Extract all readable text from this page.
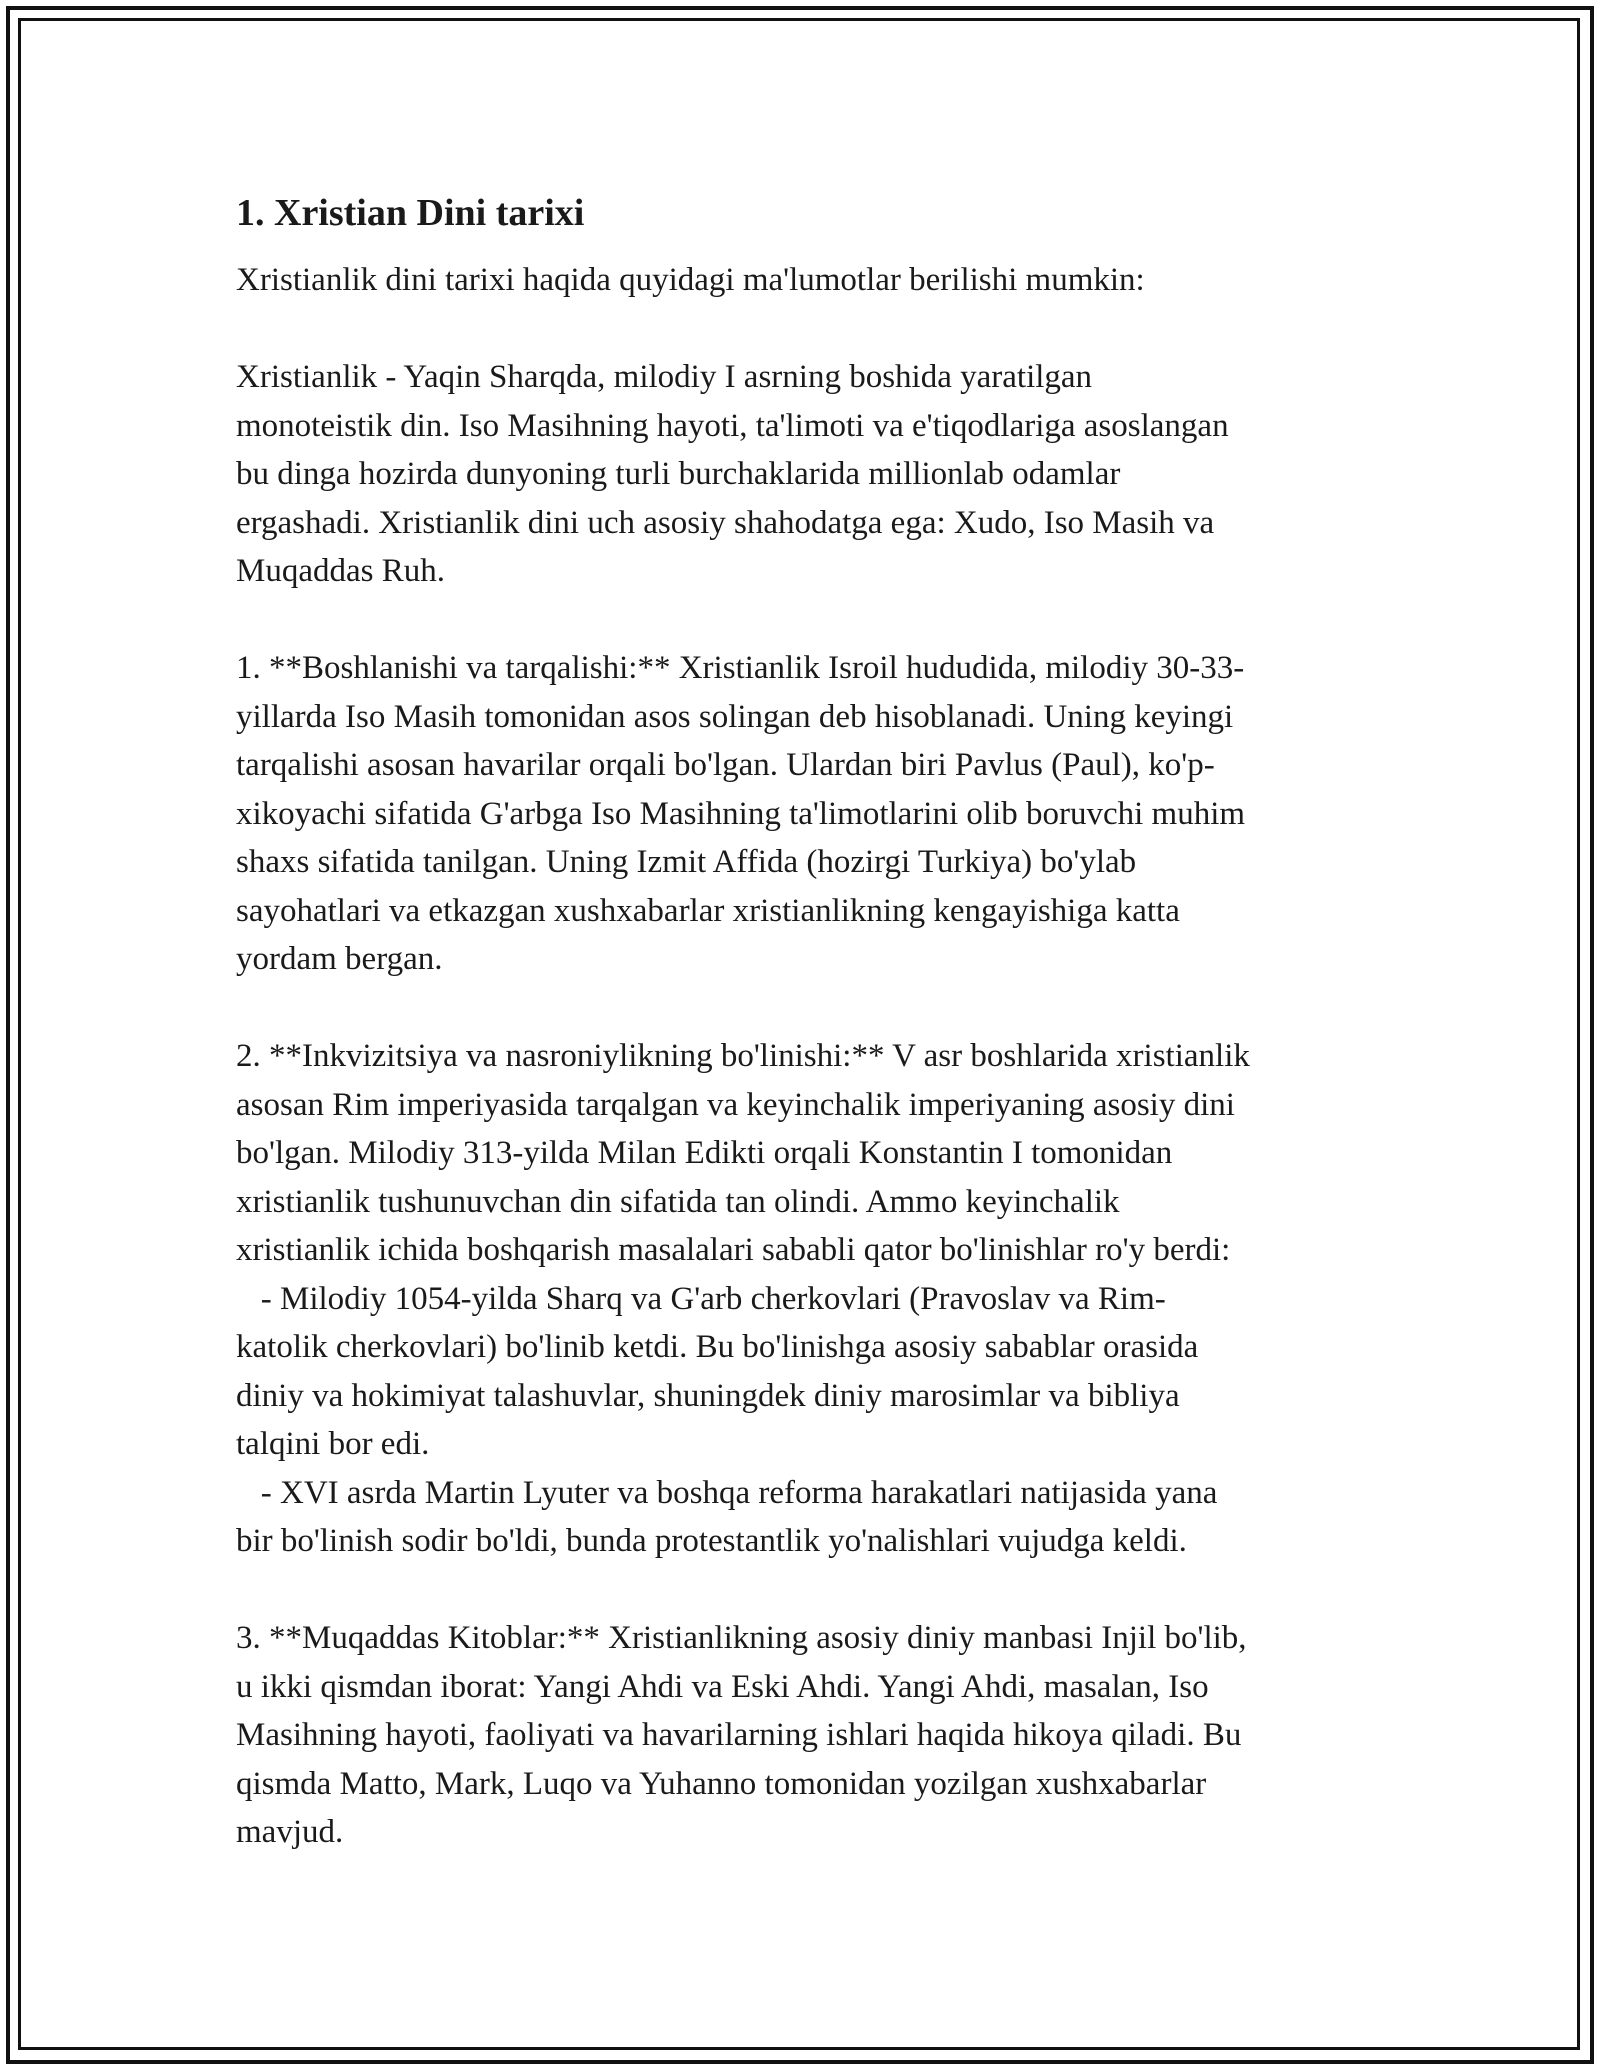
1. Xristian Dini tarixi
Xristianlik dini tarixi haqida quyidagi ma'lumotlar berilishi mumkin:
Xristianlik - Yaqin Sharqda, milodiy I asrning boshida yaratilgan
monoteistik din. Iso Masihning hayoti, ta'limoti va e'tiqodlariga asoslangan
bu dinga hozirda dunyoning turli burchaklarida millionlab odamlar
ergashadi. Xristianlik dini uch asosiy shahodatga ega: Xudo, Iso Masih va
Muqaddas Ruh.
1. **Boshlanishi va tarqalishi:** Xristianlik Isroil hududida, milodiy 30-33-
yillarda Iso Masih tomonidan asos solingan deb hisoblanadi. Uning keyingi
tarqalishi asosan havarilar orqali bo'lgan. Ulardan biri Pavlus (Paul), ko'p-
xikoyachi sifatida G'arbga Iso Masihning ta'limotlarini olib boruvchi muhim
shaxs sifatida tanilgan. Uning Izmit Affida (hozirgi Turkiya) bo'ylab
sayohatlari va etkazgan xushxabarlar xristianlikning kengayishiga katta
yordam bergan.
2. **Inkvizitsiya va nasroniylikning bo'linishi:** V asr boshlarida xristianlik
asosan Rim imperiyasida tarqalgan va keyinchalik imperiyaning asosiy dini
bo'lgan. Milodiy 313-yilda Milan Edikti orqali Konstantin I tomonidan
xristianlik tushunuvchan din sifatida tan olindi. Ammo keyinchalik
xristianlik ichida boshqarish masalalari sababli qator bo'linishlar ro'y berdi:
- Milodiy 1054-yilda Sharq va G'arb cherkovlari (Pravoslav va Rim-
katolik cherkovlari) bo'linib ketdi. Bu bo'linishga asosiy sabablar orasida
diniy va hokimiyat talashuvlar, shuningdek diniy marosimlar va bibliya
talqini bor edi.
- XVI asrda Martin Lyuter va boshqa reforma harakatlari natijasida yana
bir bo'linish sodir bo'ldi, bunda protestantlik yo'nalishlari vujudga keldi.
3. **Muqaddas Kitoblar:** Xristianlikning asosiy diniy manbasi Injil bo'lib,
u ikki qismdan iborat: Yangi Ahdi va Eski Ahdi. Yangi Ahdi, masalan, Iso
Masihning hayoti, faoliyati va havarilarning ishlari haqida hikoya qiladi. Bu
qismda Matto, Mark, Luqo va Yuhanno tomonidan yozilgan xushxabarlar
mavjud.
